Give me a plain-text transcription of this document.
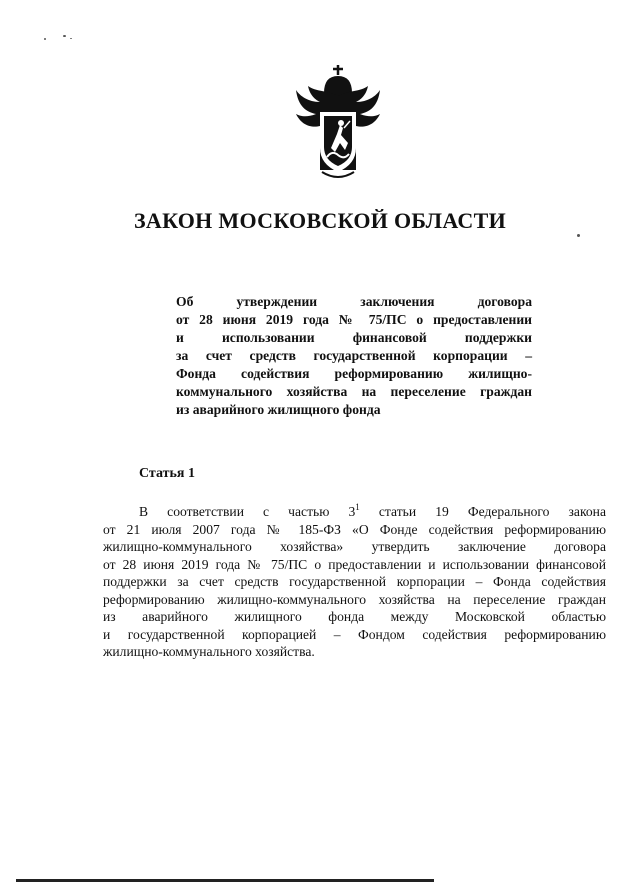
ЗАКОН МОСКОВСКОЙ ОБЛАСТИ
Об утверждении заключения договора
от 28 июня 2019 года № 75/ПС о предоставлении
и использовании финансовой поддержки
за счет средств государственной корпорации –
Фонда содействия реформированию жилищно-
коммунального хозяйства на переселение граждан
из аварийного жилищного фонда
Статья 1
В соответствии с частью $3^1$ статьи 19 Федерального закона
от 21 июля 2007 года № 185-ФЗ «О Фонде содействия реформированию
жилищно-коммунального хозяйства» утвердить заключение договора
от 28 июня 2019 года № 75/ПС о предоставлении и использовании финансовой
поддержки за счет средств государственной корпорации – Фонда содействия
реформированию жилищно-коммунального хозяйства на переселение граждан
из аварийного жилищного фонда между Московской областью
и государственной корпорацией – Фондом содействия реформированию
жилищно-коммунального хозяйства.
